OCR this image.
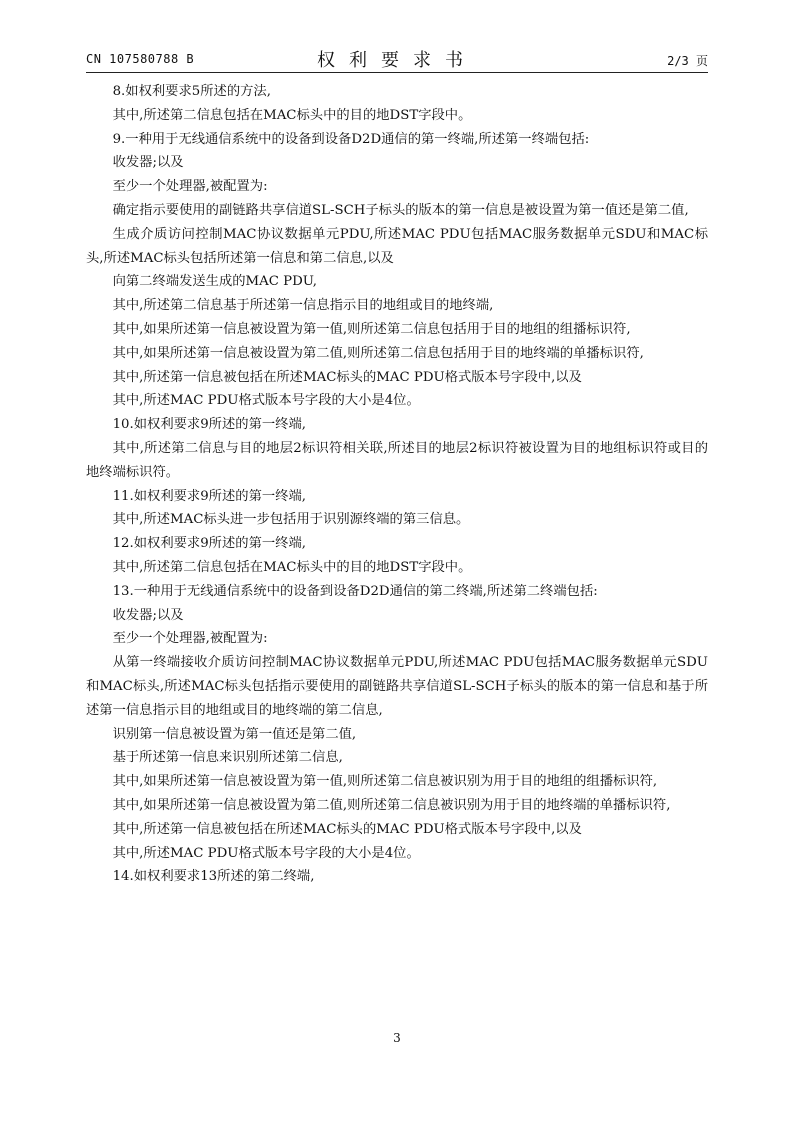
CN 107580788 B	权利要求书	2/3 页

8.如权利要求5所述的方法,

其中,所述第二信息包括在MAC标头中的目的地DST字段中。

9.一种用于无线通信系统中的设备到设备D2D通信的第一终端,所述第一终端包括:

收发器;以及

至少一个处理器,被配置为:

确定指示要使用的副链路共享信道SL-SCH子标头的版本的第一信息是被设置为第一值还是第二值,

生成介质访问控制MAC协议数据单元PDU,所述MAC PDU包括MAC服务数据单元SDU和MAC标头,所述MAC标头包括所述第一信息和第二信息,以及

向第二终端发送生成的MAC PDU,

其中,所述第二信息基于所述第一信息指示目的地组或目的地终端,

其中,如果所述第一信息被设置为第一值,则所述第二信息包括用于目的地组的组播标识符,

其中,如果所述第一信息被设置为第二值,则所述第二信息包括用于目的地终端的单播标识符,

其中,所述第一信息被包括在所述MAC标头的MAC PDU格式版本号字段中,以及

其中,所述MAC PDU格式版本号字段的大小是4位。

10.如权利要求9所述的第一终端,

其中,所述第二信息与目的地层2标识符相关联,所述目的地层2标识符被设置为目的地组标识符或目的地终端标识符。

11.如权利要求9所述的第一终端,

其中,所述MAC标头进一步包括用于识别源终端的第三信息。

12.如权利要求9所述的第一终端,

其中,所述第二信息包括在MAC标头中的目的地DST字段中。

13.一种用于无线通信系统中的设备到设备D2D通信的第二终端,所述第二终端包括:

收发器;以及

至少一个处理器,被配置为:

从第一终端接收介质访问控制MAC协议数据单元PDU,所述MAC PDU包括MAC服务数据单元SDU和MAC标头,所述MAC标头包括指示要使用的副链路共享信道SL-SCH子标头的版本的第一信息和基于所述第一信息指示目的地组或目的地终端的第二信息,

识别第一信息被设置为第一值还是第二值,

基于所述第一信息来识别所述第二信息,

其中,如果所述第一信息被设置为第一值,则所述第二信息被识别为用于目的地组的组播标识符,

其中,如果所述第一信息被设置为第二值,则所述第二信息被识别为用于目的地终端的单播标识符,

其中,所述第一信息被包括在所述MAC标头的MAC PDU格式版本号字段中,以及

其中,所述MAC PDU格式版本号字段的大小是4位。

14.如权利要求13所述的第二终端,

3
